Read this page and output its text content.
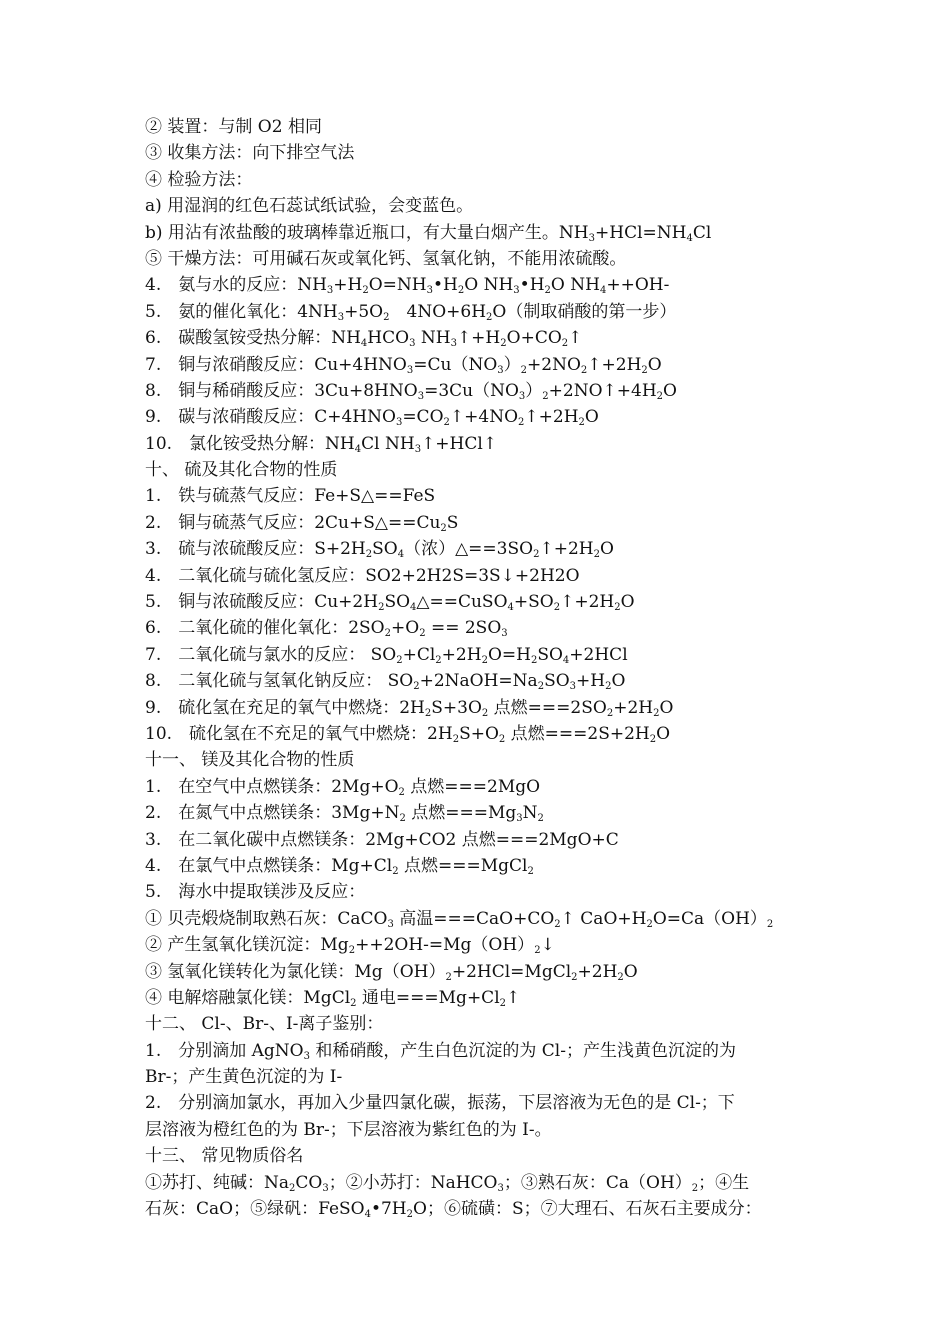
② 装置：与制 O2 相同
③ 收集方法：向下排空气法
④ 检验方法：
a) 用湿润的红色石蕊试纸试验，会变蓝色。
b) 用沾有浓盐酸的玻璃棒靠近瓶口，有大量白烟产生。$NH_3+HCl=NH_4Cl$
⑤ 干燥方法：可用碱石灰或氧化钙、氢氧化钠，不能用浓硫酸。
4.　氨与水的反应：$NH_3+H_2O=NH_3•H_2O$ $NH_3•H_2O$ $NH_4++OH-$
5.　氨的催化氧化：$4NH_3+5O_2$　$4NO+6H_2O$（制取硝酸的第一步）
6.　碳酸氢铵受热分解：$NH_4HCO_3$ $NH_3↑+H_2O+CO_2↑$
7.　铜与浓硝酸反应：$Cu+4HNO_3=Cu(NO_3)_2+2NO_2↑+2H_2O$
8.　铜与稀硝酸反应：$3Cu+8HNO_3=3Cu(NO_3)_2+2NO↑+4H_2O$
9.　碳与浓硝酸反应：$C+4HNO_3=CO_2↑+4NO_2↑+2H_2O$
10.　氯化铵受热分解：$NH_4Cl$ $NH_3↑+HCl↑$
十、 硫及其化合物的性质
1.　铁与硫蒸气反应：Fe+S△==FeS
2.　铜与硫蒸气反应：$2Cu+S\triangle==Cu_2S$
3.　硫与浓硫酸反应：$S+2H_2SO_4$（浓）$\triangle==3SO_2↑+2H_2O$
4.　二氧化硫与硫化氢反应：SO2+2H2S=3S↓+2H2O
5.　铜与浓硫酸反应：$Cu+2H_2SO_4\triangle==CuSO_4+SO_2↑+2H_2O$
6.　二氧化硫的催化氧化：$2SO_2+O_2 == 2SO_3$
7.　二氧化硫与氯水的反应： $SO_2+Cl_2+2H_2O=H_2SO_4+2HCl$
8.　二氧化硫与氢氧化钠反应： $SO_2+2NaOH=Na_2SO_3+H_2O$
9.　硫化氢在充足的氧气中燃烧：$2H_2S+3O_2$ 点燃$===2SO_2+2H_2O$
10.　硫化氢在不充足的氧气中燃烧：$2H_2S+O_2$ 点燃$===2S+2H_2O$
十一、 镁及其化合物的性质
1.　在空气中点燃镁条：$2Mg+O_2$ 点燃===2MgO
2.　在氮气中点燃镁条：$3Mg+N_2$ 点燃$===Mg_3N_2$
3.　在二氧化碳中点燃镁条：2Mg+CO2 点燃===2MgO+C
4.　在氯气中点燃镁条：$Mg+Cl_2$ 点燃===MgCl$_2$
5.　海水中提取镁涉及反应：
① 贝壳煅烧制取熟石灰：CaCO$_3$ 高温$===CaO+CO_2↑$ $CaO+H_2O=Ca(OH)_2$
② 产生氢氧化镁沉淀：$Mg_2++2OH-=Mg(OH)_2↓$
③ 氢氧化镁转化为氯化镁：$Mg(OH)_2+2HCl=MgCl_2+2H_2O$
④ 电解熔融氯化镁：MgCl$_2$ 通电$===Mg+Cl_2↑$
十二、 Cl-、Br-、I-离子鉴别：
1.　分别滴加 AgNO$_3$ 和稀硝酸，产生白色沉淀的为 Cl-；产生浅黄色沉淀的为
Br-；产生黄色沉淀的为 I-
2.　分别滴加氯水，再加入少量四氯化碳，振荡，下层溶液为无色的是 Cl-；下
层溶液为橙红色的为 Br-；下层溶液为紫红色的为 I-。
十三、 常见物质俗名
①苏打、纯碱：$Na_2CO_3$；②小苏打：NaHCO$_3$；③熟石灰：$Ca(OH)_2$；④生
石灰：CaO；⑤绿矾：$FeSO_4•7H_2O$；⑥硫磺：S；⑦大理石、石灰石主要成分：
